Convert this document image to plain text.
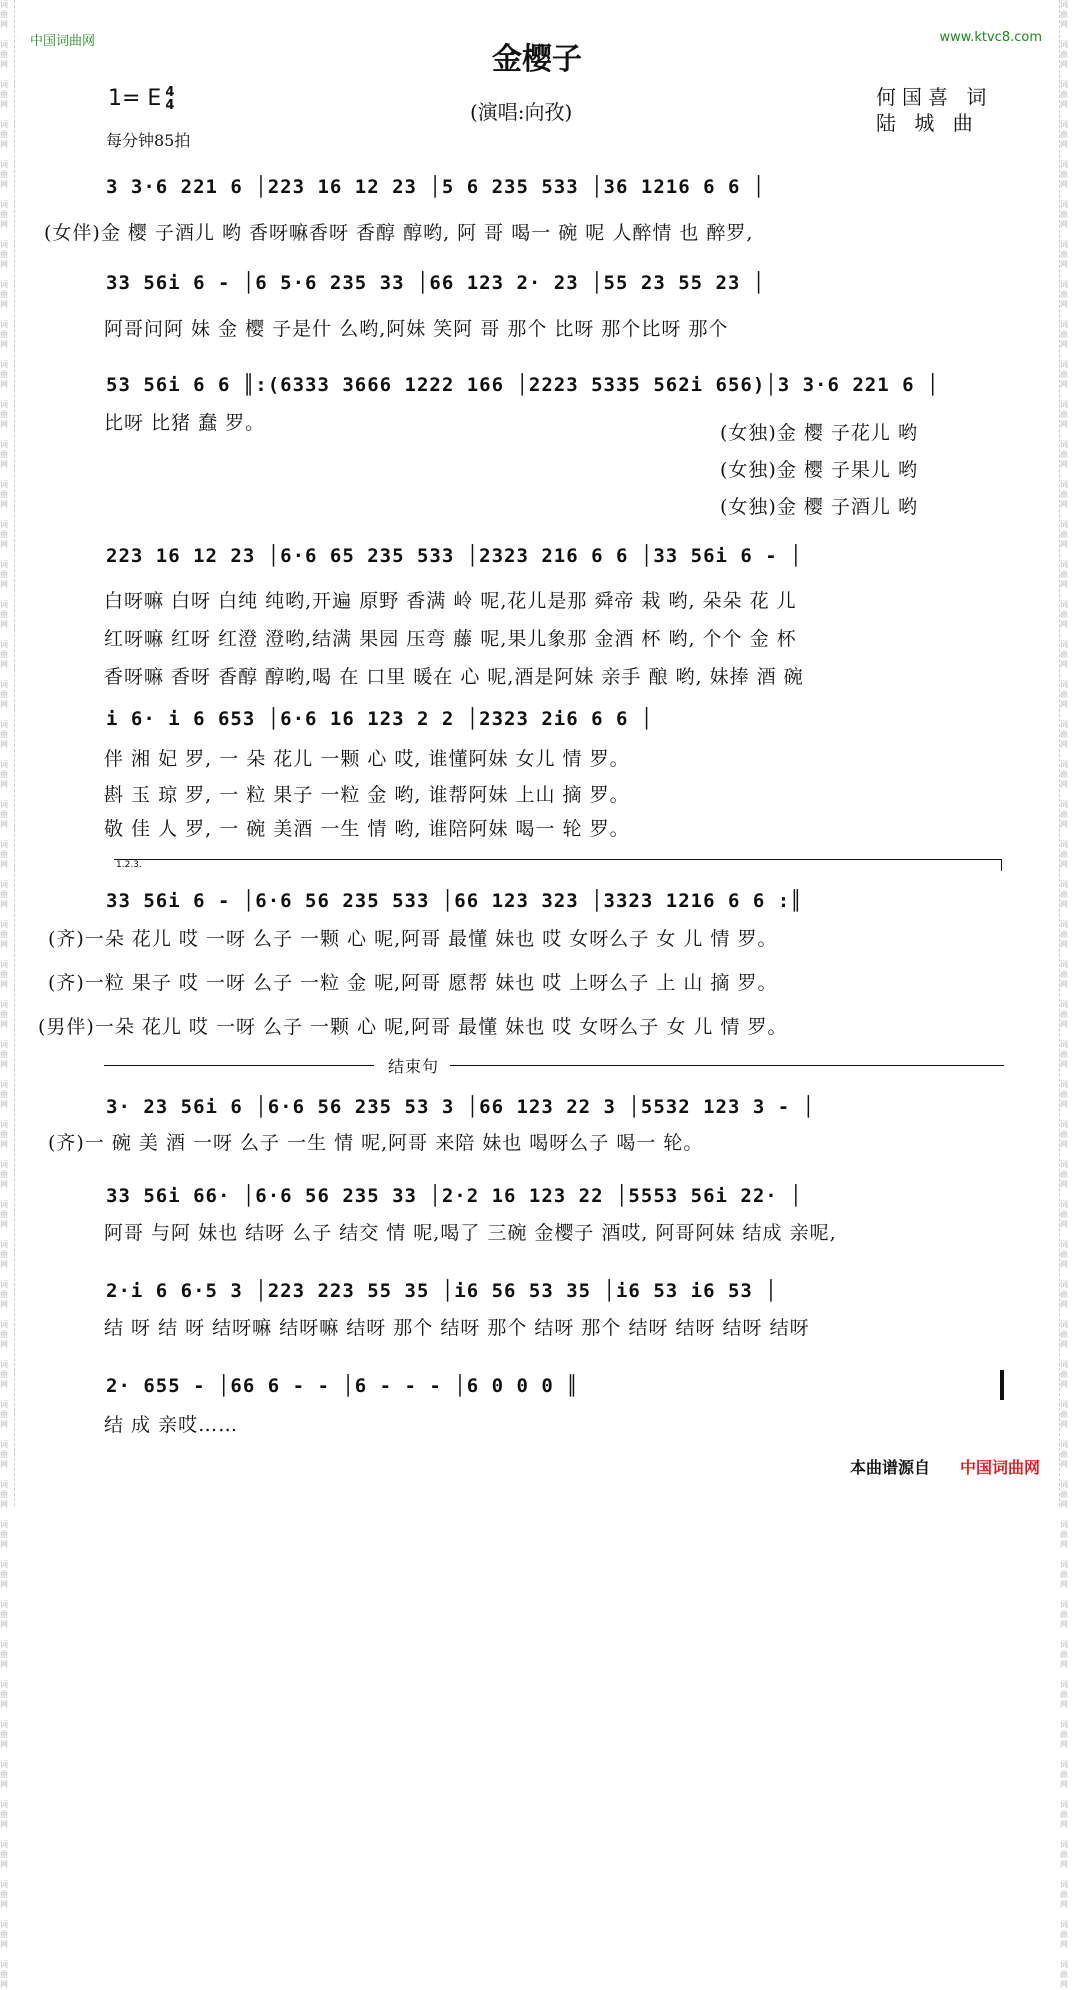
词
曲
网

词
曲
网

词
曲
网

词
曲
网

词
曲
网

词
曲
网

词
曲
网

词
曲
网

词
曲
网

词
曲
网

词
曲
网

词
曲
网

词
曲
网

词
曲
网

词
曲
网

词
曲
网

词
曲
网

词
曲
网

词
曲
网

词
曲
网

词
曲
网

词
曲
网

词
曲
网

词
曲
网

词
曲
网

词
曲
网

词
曲
网

词
曲
网

词
曲
网

词
曲
网

词
曲
网

词
曲
网

词
曲
网

词
曲
网

词
曲
网

词
曲
网

词
曲
网

词
曲
网

词
曲
网

词
曲
网

词
曲
网

词
曲
网

词
曲
网

词
曲
网

词
曲
网

词
曲
网

词
曲
网

词
曲
网

词
曲
网

词
曲
网

词
曲
网

词
曲
网

词
曲
网

词
曲
网

词
曲
网

词
曲
网

词
曲
网

词
曲
网

词
曲
网

词
曲
网

词
曲
网

词
曲
网

词
曲
网

词
曲
网

词
曲
网

词
曲
网

词
曲
网

词
曲
网

词
曲
网

词
曲
网

词
曲
网

词
曲
网

词
曲
网

词
曲
网

词
曲
网

词
曲
网

词
曲
网

词
曲
网

词
曲
网

词
曲
网

词
曲
网

词
曲
网

词
曲
网

词
曲
网

词
曲
网

词
曲
网

词
曲
网

词
曲
网

词
曲
网

词
曲
网

词
曲
网

词
曲
网

词
曲
网

词
曲
网

词
曲
网

词
曲
网

词
曲
网

词
曲
网

词
曲
网

词
曲
网

中国词曲网	www.ktvc8.com
金樱子
1= E 4
4
每分钟85拍
(演唱:向孜)
何国喜 词
陆 城 曲
3 3·6 221 6 │223 16 12 23 │5 6 235 533 │36 1216 6 6 │
(女伴)金 樱 子酒儿 哟 香呀嘛香呀 香醇 醇哟, 阿 哥 喝一 碗 呢 人醉情 也 醉罗,
33 56i 6 - │6 5·6 235 33 │66 123 2· 23 │55 23 55 23 │
阿哥问阿 妹 金 樱 子是什 么哟,阿妹 笑阿 哥 那个 比呀 那个比呀 那个
53 56i 6 6 ║:(6333 3666 1222 166 │2223 5335 562i 656)│3 3·6 221 6 │
比呀 比猪 蠢 罗。	(女独)金 樱 子花儿 哟
(女独)金 樱 子果儿 哟
(女独)金 樱 子酒儿 哟
223 16 12 23 │6·6 65 235 533 │2323 216 6 6 │33 56i 6 - │
白呀嘛 白呀 白纯 纯哟,开遍 原野 香满 岭 呢,花儿是那 舜帝 栽 哟, 朵朵 花 儿
红呀嘛 红呀 红澄 澄哟,结满 果园 压弯 藤 呢,果儿象那 金酒 杯 哟, 个个 金 杯
香呀嘛 香呀 香醇 醇哟,喝 在 口里 暖在 心 呢,酒是阿妹 亲手 酿 哟, 妹捧 酒 碗
i 6· i 6 653 │6·6 16 123 2 2 │2323 2i6 6 6 │
伴 湘 妃 罗, 一 朵 花儿 一颗 心 哎, 谁懂阿妹 女儿 情 罗。
斟 玉 琼 罗, 一 粒 果子 一粒 金 哟, 谁帮阿妹 上山 摘 罗。
敬 佳 人 罗, 一 碗 美酒 一生 情 哟, 谁陪阿妹 喝一 轮 罗。
1.2.3.
33 56i 6 - │6·6 56 235 533 │66 123 323 │3323 1216 6 6 :║
(齐)一朵 花儿 哎 一呀 么子 一颗 心 呢,阿哥 最懂 妹也 哎 女呀么子 女 儿 情 罗。
(齐)一粒 果子 哎 一呀 么子 一粒 金 呢,阿哥 愿帮 妹也 哎 上呀么子 上 山 摘 罗。
(男伴)一朵 花儿 哎 一呀 么子 一颗 心 呢,阿哥 最懂 妹也 哎 女呀么子 女 儿 情 罗。
结束句
3· 23 56i 6 │6·6 56 235 53 3 │66 123 22 3 │5532 123 3 - │
(齐)一 碗 美 酒 一呀 么子 一生 情 呢,阿哥 来陪 妹也 喝呀么子 喝一 轮。
33 56i 66· │6·6 56 235 33 │2·2 16 123 22 │5553 56i 22· │
阿哥 与阿 妹也 结呀 么子 结交 情 呢,喝了 三碗 金樱子 酒哎, 阿哥阿妹 结成 亲呢,
2·i 6 6·5 3 │223 223 55 35 │i6 56 53 35 │i6 53 i6 53 │
结 呀 结 呀 结呀嘛 结呀嘛 结呀 那个 结呀 那个 结呀 那个 结呀 结呀 结呀 结呀
2· 655 - │66 6 - - │6 - - - │6 0 0 0 ║
结 成 亲哎……
本曲谱源自 中国词曲网
